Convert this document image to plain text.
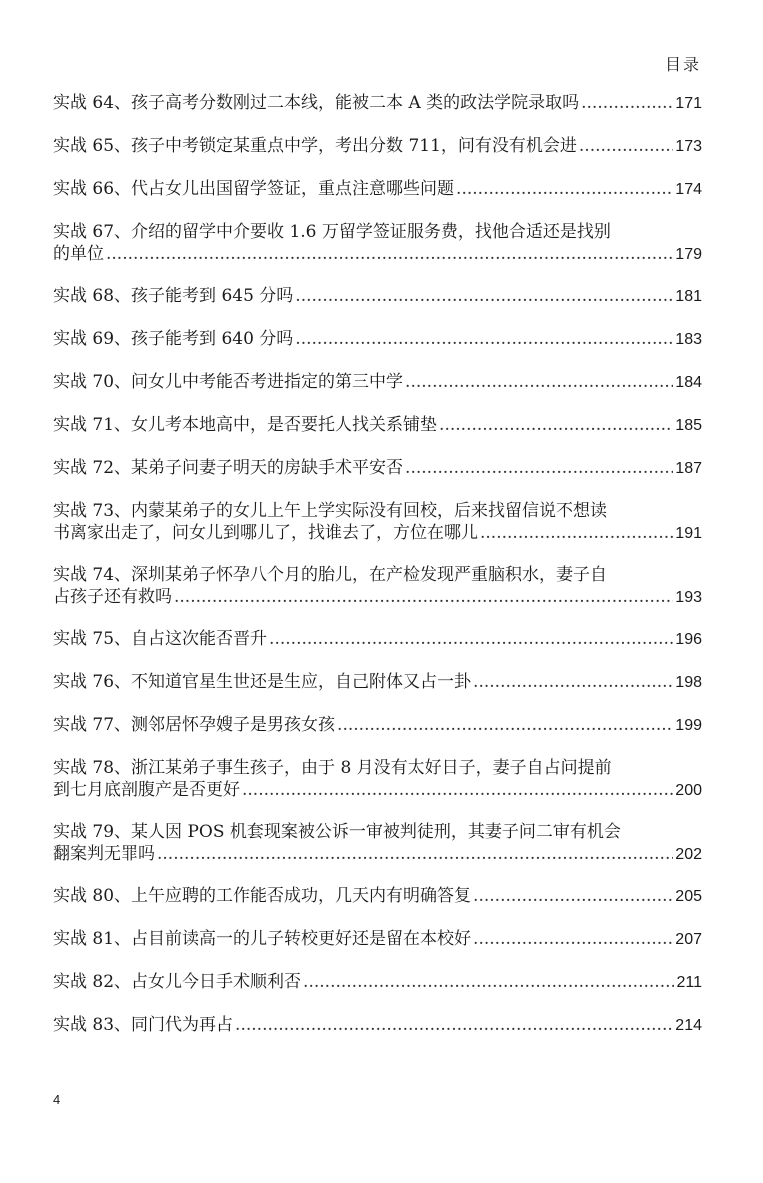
目录
实战 64、孩子高考分数刚过二本线，能被二本 A 类的政法学院录取吗 .....	171
实战 65、孩子中考锁定某重点中学，考出分数 711，问有没有机会进 .....	173
实战 66、代占女儿出国留学签证，重点注意哪些问题 .....	174
实战 67、介绍的留学中介要收 1.6 万留学签证服务费，找他合适还是找别
的单位 .....	179
实战 68、孩子能考到 645 分吗 .....	181
实战 69、孩子能考到 640 分吗 .....	183
实战 70、问女儿中考能否考进指定的第三中学 .....	184
实战 71、女儿考本地高中，是否要托人找关系铺垫 .....	185
实战 72、某弟子问妻子明天的房缺手术平安否 .....	187
实战 73、内蒙某弟子的女儿上午上学实际没有回校，后来找留信说不想读
书离家出走了，问女儿到哪儿了，找谁去了，方位在哪儿 .....	191
实战 74、深圳某弟子怀孕八个月的胎儿，在产检发现严重脑积水，妻子自
占孩子还有救吗 .....	193
实战 75、自占这次能否晋升 .....	196
实战 76、不知道官星生世还是生应，自己附体又占一卦 .....	198
实战 77、测邻居怀孕嫂子是男孩女孩 .....	199
实战 78、浙江某弟子事生孩子，由于 8 月没有太好日子，妻子自占问提前
到七月底剖腹产是否更好 .....	200
实战 79、某人因 POS 机套现案被公诉一审被判徒刑，其妻子问二审有机会
翻案判无罪吗 .....	202
实战 80、上午应聘的工作能否成功，几天内有明确答复 .....	205
实战 81、占目前读高一的儿子转校更好还是留在本校好 .....	207
实战 82、占女儿今日手术顺利否 .....	211
实战 83、同门代为再占 .....	214
4
